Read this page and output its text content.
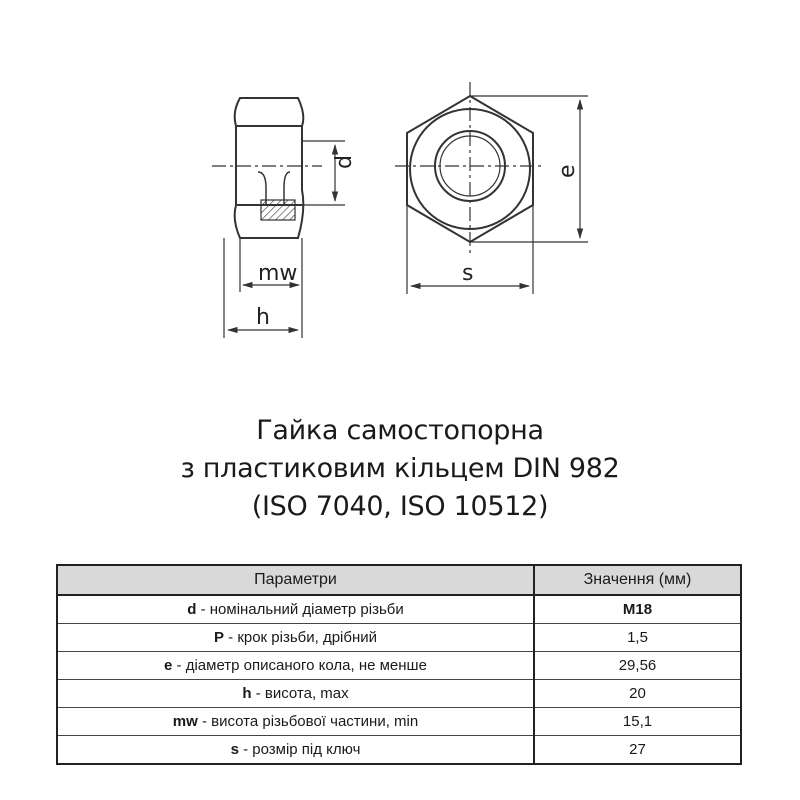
d
mw
h
e
s
Гайка самостопорна
з пластиковим кільцем DIN 982
(ISO 7040, ISO 10512)
Параметри	Значення (мм)
d - номінальний діаметр різьби	M18
P - крок різьби, дрібний	1,5
e - діаметр описаного кола, не менше	29,56
h - висота, max	20
mw - висота різьбової частини, min	15,1
s - розмір під ключ	27
